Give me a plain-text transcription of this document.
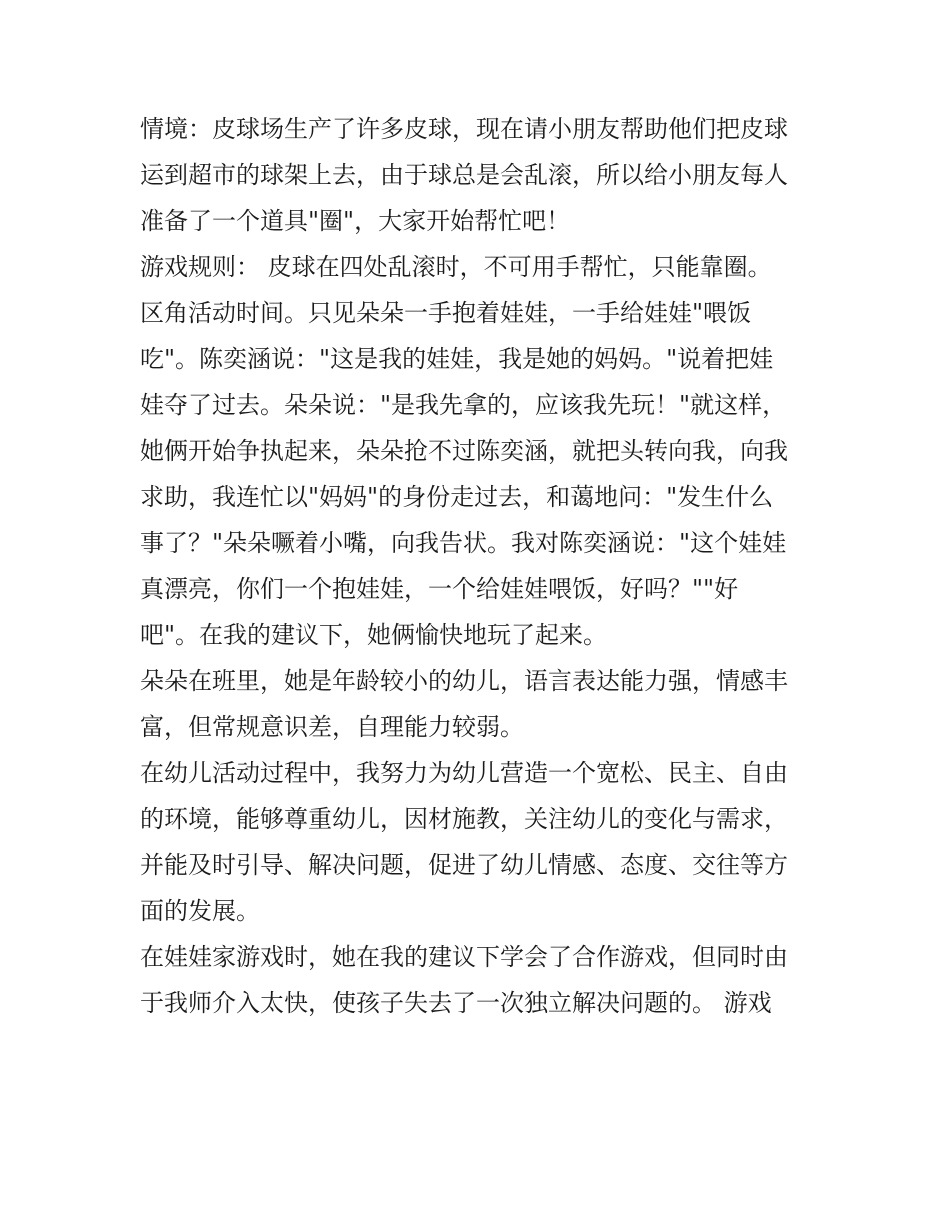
情境：皮球场生产了许多皮球，现在请小朋友帮助他们把皮球
运到超市的球架上去，由于球总是会乱滚，所以给小朋友每人
准备了一个道具"圈"，大家开始帮忙吧！
游戏规则： 皮球在四处乱滚时，不可用手帮忙，只能靠圈。
区角活动时间。只见朵朵一手抱着娃娃，一手给娃娃"喂饭
吃"。陈奕涵说："这是我的娃娃，我是她的妈妈。"说着把娃
娃夺了过去。朵朵说："是我先拿的，应该我先玩！"就这样，
她俩开始争执起来，朵朵抢不过陈奕涵，就把头转向我，向我
求助，我连忙以"妈妈"的身份走过去，和蔼地问："发生什么
事了？"朵朵噘着小嘴，向我告状。我对陈奕涵说："这个娃娃
真漂亮，你们一个抱娃娃，一个给娃娃喂饭，好吗？""好
吧"。在我的建议下，她俩愉快地玩了起来。
朵朵在班里，她是年龄较小的幼儿，语言表达能力强，情感丰
富，但常规意识差，自理能力较弱。
在幼儿活动过程中，我努力为幼儿营造一个宽松、民主、自由
的环境，能够尊重幼儿，因材施教，关注幼儿的变化与需求，
并能及时引导、解决问题，促进了幼儿情感、态度、交往等方
面的发展。
在娃娃家游戏时，她在我的建议下学会了合作游戏，但同时由
于我师介入太快，使孩子失去了一次独立解决问题的。 游戏
